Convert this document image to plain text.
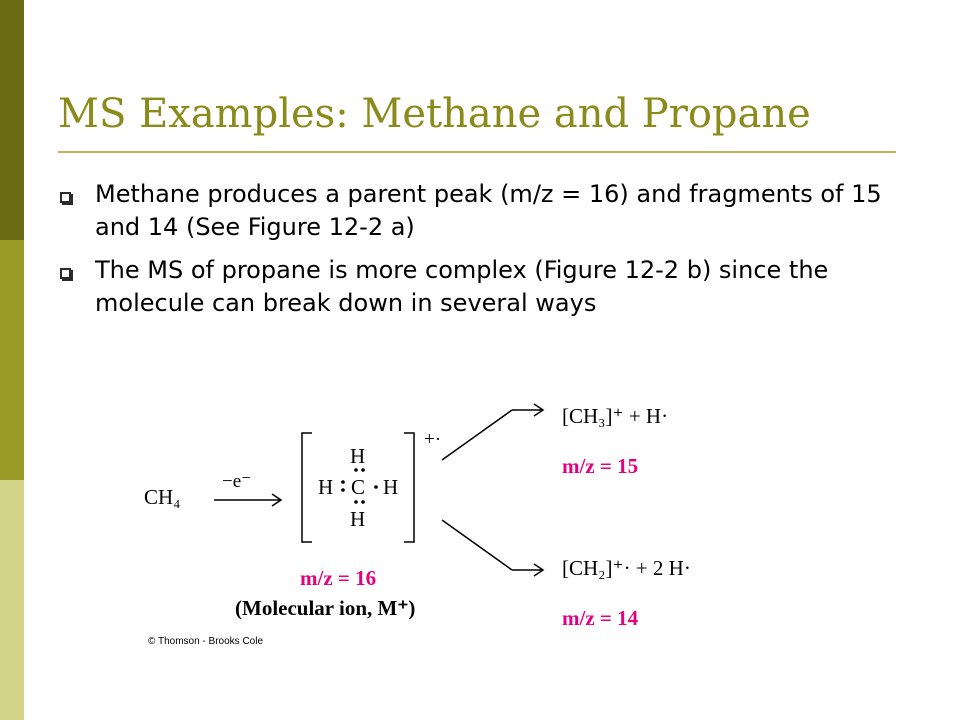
MS Examples: Methane and Propane
Methane produces a parent peak (m/z = 16) and fragments of 15 and 14 (See Figure 12-2 a)
The MS of propane is more complex (Figure 12-2 b) since the molecule can break down in several ways
CH₄
−e⁻
H
H C H
H
+·
m/z = 16
(Molecular ion, M⁺)
© Thomson - Brooks Cole
[CH₃]⁺ + H·
m/z = 15
[CH₂]⁺· + 2 H·
m/z = 14
